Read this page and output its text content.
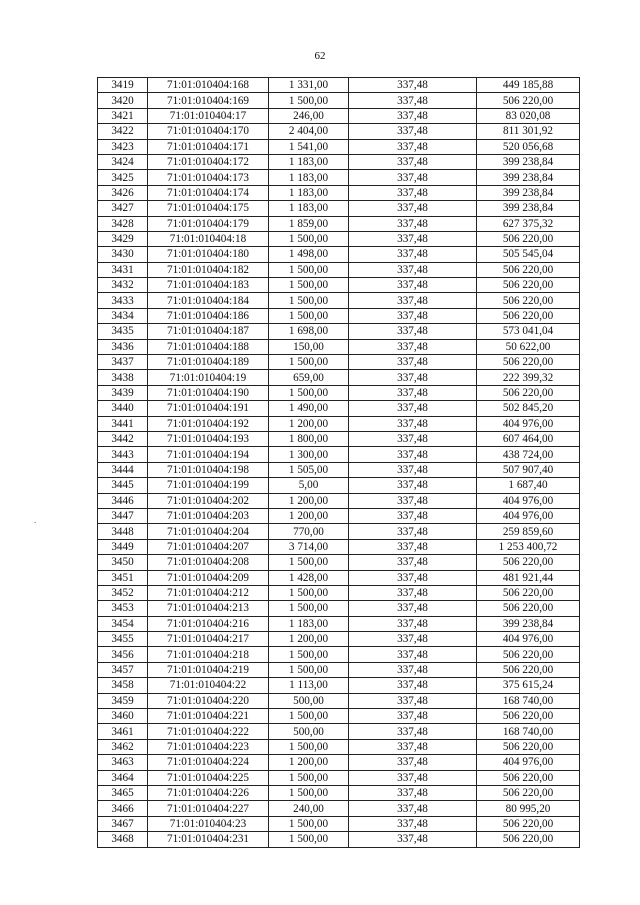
62
.
3419	71:01:010404:168	1 331,00	337,48	449 185,88
3420	71:01:010404:169	1 500,00	337,48	506 220,00
3421	71:01:010404:17	246,00	337,48	83 020,08
3422	71:01:010404:170	2 404,00	337,48	811 301,92
3423	71:01:010404:171	1 541,00	337,48	520 056,68
3424	71:01:010404:172	1 183,00	337,48	399 238,84
3425	71:01:010404:173	1 183,00	337,48	399 238,84
3426	71:01:010404:174	1 183,00	337,48	399 238,84
3427	71:01:010404:175	1 183,00	337,48	399 238,84
3428	71:01:010404:179	1 859,00	337,48	627 375,32
3429	71:01:010404:18	1 500,00	337,48	506 220,00
3430	71:01:010404:180	1 498,00	337,48	505 545,04
3431	71:01:010404:182	1 500,00	337,48	506 220,00
3432	71:01:010404:183	1 500,00	337,48	506 220,00
3433	71:01:010404:184	1 500,00	337,48	506 220,00
3434	71:01:010404:186	1 500,00	337,48	506 220,00
3435	71:01:010404:187	1 698,00	337,48	573 041,04
3436	71:01:010404:188	150,00	337,48	50 622,00
3437	71:01:010404:189	1 500,00	337,48	506 220,00
3438	71:01:010404:19	659,00	337,48	222 399,32
3439	71:01:010404:190	1 500,00	337,48	506 220,00
3440	71:01:010404:191	1 490,00	337,48	502 845,20
3441	71:01:010404:192	1 200,00	337,48	404 976,00
3442	71:01:010404:193	1 800,00	337,48	607 464,00
3443	71:01:010404:194	1 300,00	337,48	438 724,00
3444	71:01:010404:198	1 505,00	337,48	507 907,40
3445	71:01:010404:199	5,00	337,48	1 687,40
3446	71:01:010404:202	1 200,00	337,48	404 976,00
3447	71:01:010404:203	1 200,00	337,48	404 976,00
3448	71:01:010404:204	770,00	337,48	259 859,60
3449	71:01:010404:207	3 714,00	337,48	1 253 400,72
3450	71:01:010404:208	1 500,00	337,48	506 220,00
3451	71:01:010404:209	1 428,00	337,48	481 921,44
3452	71:01:010404:212	1 500,00	337,48	506 220,00
3453	71:01:010404:213	1 500,00	337,48	506 220,00
3454	71:01:010404:216	1 183,00	337,48	399 238,84
3455	71:01:010404:217	1 200,00	337,48	404 976,00
3456	71:01:010404:218	1 500,00	337,48	506 220,00
3457	71:01:010404:219	1 500,00	337,48	506 220,00
3458	71:01:010404:22	1 113,00	337,48	375 615,24
3459	71:01:010404:220	500,00	337,48	168 740,00
3460	71:01:010404:221	1 500,00	337,48	506 220,00
3461	71:01:010404:222	500,00	337,48	168 740,00
3462	71:01:010404:223	1 500,00	337,48	506 220,00
3463	71:01:010404:224	1 200,00	337,48	404 976,00
3464	71:01:010404:225	1 500,00	337,48	506 220,00
3465	71:01:010404:226	1 500,00	337,48	506 220,00
3466	71:01:010404:227	240,00	337,48	80 995,20
3467	71:01:010404:23	1 500,00	337,48	506 220,00
3468	71:01:010404:231	1 500,00	337,48	506 220,00
